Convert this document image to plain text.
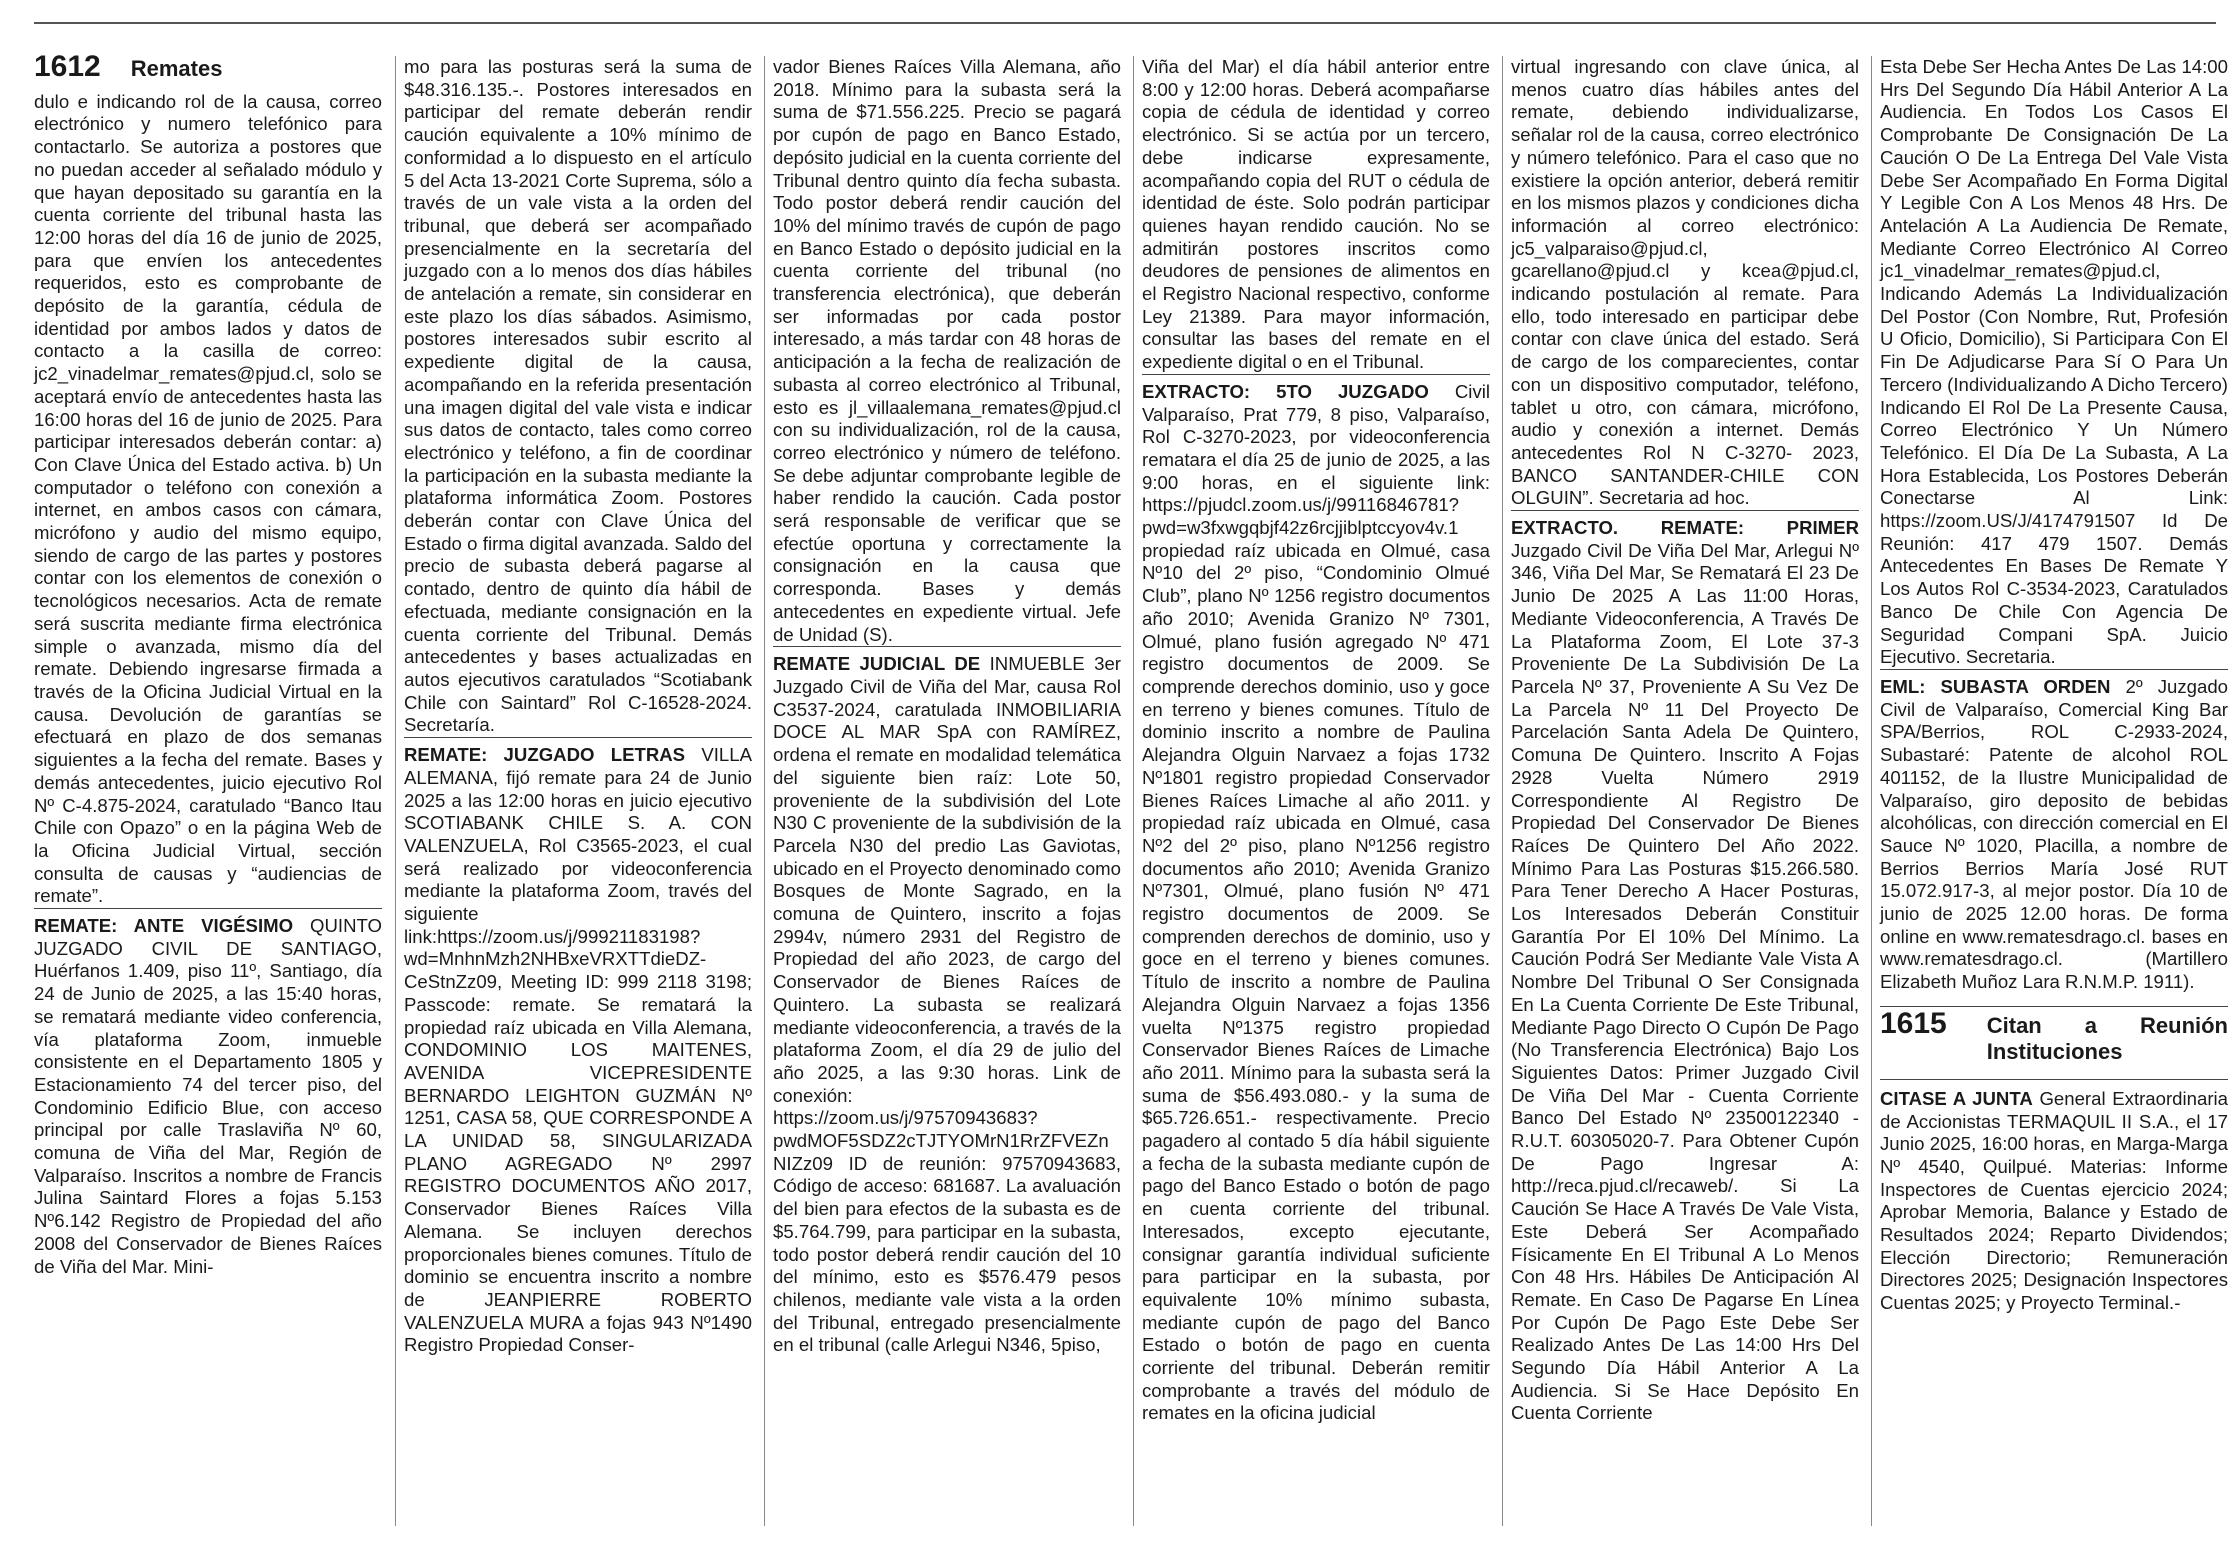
1612 Remates

dulo e indicando rol de la causa, correo electrónico y numero telefónico para contactarlo. Se autoriza a postores que no puedan acceder al señalado módulo y que hayan depositado su garantía en la cuenta corriente del tribunal hasta las 12:00 horas del día 16 de junio de 2025, para que envíen los antecedentes requeridos, esto es comprobante de depósito de la garantía, cédula de identidad por ambos lados y datos de contacto a la casilla de correo: jc2_vinadelmar_remates@pjud.cl, solo se aceptará envío de antecedentes hasta las 16:00 horas del 16 de junio de 2025. Para participar interesados deberán contar: a) Con Clave Única del Estado activa. b) Un computador o teléfono con conexión a internet, en ambos casos con cámara, micrófono y audio del mismo equipo, siendo de cargo de las partes y postores contar con los elementos de conexión o tecnológicos necesarios. Acta de remate será suscrita mediante firma electrónica simple o avanzada, mismo día del remate. Debiendo ingresarse firmada a través de la Oficina Judicial Virtual en la causa. Devolución de garantías se efectuará en plazo de dos semanas siguientes a la fecha del remate. Bases y demás antecedentes, juicio ejecutivo Rol Nº C-4.875-2024, caratulado “Banco Itau Chile con Opazo” o en la página Web de la Oficina Judicial Virtual, sección consulta de causas y “audiencias de remate”.

REMATE: ANTE VIGÉSIMO QUINTO JUZGADO CIVIL DE SANTIAGO, Huérfanos 1.409, piso 11º, Santiago, día 24 de Junio de 2025, a las 15:40 horas, se rematará mediante video conferencia, vía plataforma Zoom, inmueble consistente en el Departamento 1805 y Estacionamiento 74 del tercer piso, del Condominio Edificio Blue, con acceso principal por calle Traslaviña Nº 60, comuna de Viña del Mar, Región de Valparaíso. Inscritos a nombre de Francis Julina Saintard Flores a fojas 5.153 Nº6.142 Registro de Propiedad del año 2008 del Conservador de Bienes Raíces de Viña del Mar. Mini-

mo para las posturas será la suma de $48.316.135.-. Postores interesados en participar del remate deberán rendir caución equivalente a 10% mínimo de conformidad a lo dispuesto en el artículo 5 del Acta 13-2021 Corte Suprema, sólo a través de un vale vista a la orden del tribunal, que deberá ser acompañado presencialmente en la secretaría del juzgado con a lo menos dos días hábiles de antelación a remate, sin considerar en este plazo los días sábados. Asimismo, postores interesados subir escrito al expediente digital de la causa, acompañando en la referida presentación una imagen digital del vale vista e indicar sus datos de contacto, tales como correo electrónico y teléfono, a fin de coordinar la participación en la subasta mediante la plataforma informática Zoom. Postores deberán contar con Clave Única del Estado o firma digital avanzada. Saldo del precio de subasta deberá pagarse al contado, dentro de quinto día hábil de efectuada, mediante consignación en la cuenta corriente del Tribunal. Demás antecedentes y bases actualizadas en autos ejecutivos caratulados “Scotiabank Chile con Saintard” Rol C-16528-2024. Secretaría.

REMATE: JUZGADO LETRAS VILLA ALEMANA, fijó remate para 24 de Junio 2025 a las 12:00 horas en juicio ejecutivo SCOTIABANK CHILE S. A. CON VALENZUELA, Rol C3565-2023, el cual será realizado por videoconferencia mediante la plataforma Zoom, través del siguiente link:https://zoom.us/j/99921183198?wd=MnhnMzh2NHBxeVRXTTdieDZ-CeStnZz09, Meeting ID: 999 2118 3198; Passcode: remate. Se rematará la propiedad raíz ubicada en Villa Alemana, CONDOMINIO LOS MAITENES, AVENIDA VICEPRESIDENTE BERNARDO LEIGHTON GUZMÁN Nº 1251, CASA 58, QUE CORRESPONDE A LA UNIDAD 58, SINGULARIZADA PLANO AGREGADO Nº 2997 REGISTRO DOCUMENTOS AÑO 2017, Conservador Bienes Raíces Villa Alemana. Se incluyen derechos proporcionales bienes comunes. Título de dominio se encuentra inscrito a nombre de JEANPIERRE ROBERTO VALENZUELA MURA a fojas 943 Nº1490 Registro Propiedad Conser-

vador Bienes Raíces Villa Alemana, año 2018. Mínimo para la subasta será la suma de $71.556.225. Precio se pagará por cupón de pago en Banco Estado, depósito judicial en la cuenta corriente del Tribunal dentro quinto día fecha subasta. Todo postor deberá rendir caución del 10% del mínimo través de cupón de pago en Banco Estado o depósito judicial en la cuenta corriente del tribunal (no transferencia electrónica), que deberán ser informadas por cada postor interesado, a más tardar con 48 horas de anticipación a la fecha de realización de subasta al correo electrónico al Tribunal, esto es jl_villaalemana_remates@pjud.cl con su individualización, rol de la causa, correo electrónico y número de teléfono. Se debe adjuntar comprobante legible de haber rendido la caución. Cada postor será responsable de verificar que se efectúe oportuna y correctamente la consignación en la causa que corresponda. Bases y demás antecedentes en expediente virtual. Jefe de Unidad (S).

REMATE JUDICIAL DE INMUEBLE 3er Juzgado Civil de Viña del Mar, causa Rol C3537-2024, caratulada INMOBILIARIA DOCE AL MAR SpA con RAMÍREZ, ordena el remate en modalidad telemática del siguiente bien raíz: Lote 50, proveniente de la subdivisión del Lote N30 C proveniente de la subdivisión de la Parcela N30 del predio Las Gaviotas, ubicado en el Proyecto denominado como Bosques de Monte Sagrado, en la comuna de Quintero, inscrito a fojas 2994v, número 2931 del Registro de Propiedad del año 2023, de cargo del Conservador de Bienes Raíces de Quintero. La subasta se realizará mediante videoconferencia, a través de la plataforma Zoom, el día 29 de julio del año 2025, a las 9:30 horas. Link de conexión: https://zoom.us/j/97570943683?pwdMOF5SDZ2cTJTYOMrN1RrZFVEZnNIZz09 ID de reunión: 97570943683, Código de acceso: 681687. La avaluación del bien para efectos de la subasta es de $5.764.799, para participar en la subasta, todo postor deberá rendir caución del 10 del mínimo, esto es $576.479 pesos chilenos, mediante vale vista a la orden del Tribunal, entregado presencialmente en el tribunal (calle Arlegui N346, 5piso,

Viña del Mar) el día hábil anterior entre 8:00 y 12:00 horas. Deberá acompañarse copia de cédula de identidad y correo electrónico. Si se actúa por un tercero, debe indicarse expresamente, acompañando copia del RUT o cédula de identidad de éste. Solo podrán participar quienes hayan rendido caución. No se admitirán postores inscritos como deudores de pensiones de alimentos en el Registro Nacional respectivo, conforme Ley 21389. Para mayor información, consultar las bases del remate en el expediente digital o en el Tribunal.

EXTRACTO: 5TO JUZGADO Civil Valparaíso, Prat 779, 8 piso, Valparaíso, Rol C-3270-2023, por videoconferencia rematara el día 25 de junio de 2025, a las 9:00 horas, en el siguiente link: https://pjudcl.zoom.us/j/99116846781?pwd=w3fxwgqbjf42z6rcjjiblptccyov4v.1 propiedad raíz ubicada en Olmué, casa Nº10 del 2º piso, “Condominio Olmué Club”, plano Nº 1256 registro documentos año 2010; Avenida Granizo Nº 7301, Olmué, plano fusión agregado Nº 471 registro documentos de 2009. Se comprende derechos dominio, uso y goce en terreno y bienes comunes. Título de dominio inscrito a nombre de Paulina Alejandra Olguin Narvaez a fojas 1732 Nº1801 registro propiedad Conservador Bienes Raíces Limache al año 2011. y propiedad raíz ubicada en Olmué, casa Nº2 del 2º piso, plano Nº1256 registro documentos año 2010; Avenida Granizo Nº7301, Olmué, plano fusión Nº 471 registro documentos de 2009. Se comprenden derechos de dominio, uso y goce en el terreno y bienes comunes. Título de inscrito a nombre de Paulina Alejandra Olguin Narvaez a fojas 1356 vuelta Nº1375 registro propiedad Conservador Bienes Raíces de Limache año 2011. Mínimo para la subasta será la suma de $56.493.080.- y la suma de $65.726.651.- respectivamente. Precio pagadero al contado 5 día hábil siguiente a fecha de la subasta mediante cupón de pago del Banco Estado o botón de pago en cuenta corriente del tribunal. Interesados, excepto ejecutante, consignar garantía individual suficiente para participar en la subasta, por equivalente 10% mínimo subasta, mediante cupón de pago del Banco Estado o botón de pago en cuenta corriente del tribunal. Deberán remitir comprobante a través del módulo de remates en la oficina judicial

virtual ingresando con clave única, al menos cuatro días hábiles antes del remate, debiendo individualizarse, señalar rol de la causa, correo electrónico y número telefónico. Para el caso que no existiere la opción anterior, deberá remitir en los mismos plazos y condiciones dicha información al correo electrónico: jc5_valparaiso@pjud.cl, gcarellano@pjud.cl y kcea@pjud.cl, indicando postulación al remate. Para ello, todo interesado en participar debe contar con clave única del estado. Será de cargo de los comparecientes, contar con un dispositivo computador, teléfono, tablet u otro, con cámara, micrófono, audio y conexión a internet. Demás antecedentes Rol N C-3270- 2023, BANCO SANTANDER-CHILE CON OLGUIN”. Secretaria ad hoc.

EXTRACTO. REMATE: PRIMER Juzgado Civil De Viña Del Mar, Arlegui Nº 346, Viña Del Mar, Se Rematará El 23 De Junio De 2025 A Las 11:00 Horas, Mediante Videoconferencia, A Través De La Plataforma Zoom, El Lote 37-3 Proveniente De La Subdivisión De La Parcela Nº 37, Proveniente A Su Vez De La Parcela Nº 11 Del Proyecto De Parcelación Santa Adela De Quintero, Comuna De Quintero. Inscrito A Fojas 2928 Vuelta Número 2919 Correspondiente Al Registro De Propiedad Del Conservador De Bienes Raíces De Quintero Del Año 2022. Mínimo Para Las Posturas $15.266.580. Para Tener Derecho A Hacer Posturas, Los Interesados Deberán Constituir Garantía Por El 10% Del Mínimo. La Caución Podrá Ser Mediante Vale Vista A Nombre Del Tribunal O Ser Consignada En La Cuenta Corriente De Este Tribunal, Mediante Pago Directo O Cupón De Pago (No Transferencia Electrónica) Bajo Los Siguientes Datos: Primer Juzgado Civil De Viña Del Mar - Cuenta Corriente Banco Del Estado Nº 23500122340 - R.U.T. 60305020-7. Para Obtener Cupón De Pago Ingresar A: http://reca.pjud.cl/recaweb/. Si La Caución Se Hace A Través De Vale Vista, Este Deberá Ser Acompañado Físicamente En El Tribunal A Lo Menos Con 48 Hrs. Hábiles De Anticipación Al Remate. En Caso De Pagarse En Línea Por Cupón De Pago Este Debe Ser Realizado Antes De Las 14:00 Hrs Del Segundo Día Hábil Anterior A La Audiencia. Si Se Hace Depósito En Cuenta Corriente

Esta Debe Ser Hecha Antes De Las 14:00 Hrs Del Segundo Día Hábil Anterior A La Audiencia. En Todos Los Casos El Comprobante De Consignación De La Caución O De La Entrega Del Vale Vista Debe Ser Acompañado En Forma Digital Y Legible Con A Los Menos 48 Hrs. De Antelación A La Audiencia De Remate, Mediante Correo Electrónico Al Correo jc1_vinadelmar_remates@pjud.cl, Indicando Además La Individualización Del Postor (Con Nombre, Rut, Profesión U Oficio, Domicilio), Si Participara Con El Fin De Adjudicarse Para Sí O Para Un Tercero (Individualizando A Dicho Tercero) Indicando El Rol De La Presente Causa, Correo Electrónico Y Un Número Telefónico. El Día De La Subasta, A La Hora Establecida, Los Postores Deberán Conectarse Al Link: https://zoom.US/J/4174791507 Id De Reunión: 417 479 1507. Demás Antecedentes En Bases De Remate Y Los Autos Rol C-3534-2023, Caratulados Banco De Chile Con Agencia De Seguridad Compani SpA. Juicio Ejecutivo. Secretaria.

EML: SUBASTA ORDEN 2º Juzgado Civil de Valparaíso, Comercial King Bar SPA/Berrios, ROL C-2933-2024, Subastaré: Patente de alcohol ROL 401152, de la Ilustre Municipalidad de Valparaíso, giro deposito de bebidas alcohólicas, con dirección comercial en El Sauce Nº 1020, Placilla, a nombre de Berrios Berrios María José RUT 15.072.917-3, al mejor postor. Día 10 de junio de 2025 12.00 horas. De forma online en www.rematesdrago.cl. bases en www.rematesdrago.cl. (Martillero Elizabeth Muñoz Lara R.N.M.P. 1911).

1615 Citan a Reunión Instituciones

CITASE A JUNTA General Extraordinaria de Accionistas TERMAQUIL II S.A., el 17 Junio 2025, 16:00 horas, en Marga-Marga Nº 4540, Quilpué. Materias: Informe Inspectores de Cuentas ejercicio 2024; Aprobar Memoria, Balance y Estado de Resultados 2024; Reparto Dividendos; Elección Directorio; Remuneración Directores 2025; Designación Inspectores Cuentas 2025; y Proyecto Terminal.-
